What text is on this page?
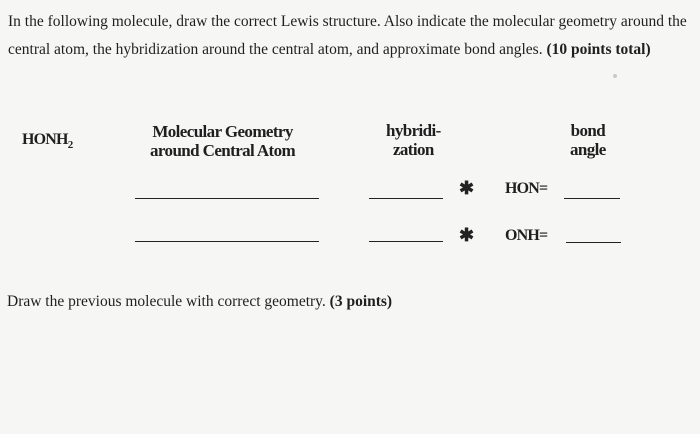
In the following molecule, draw the correct Lewis structure. Also indicate the molecular geometry around the central atom, the hybridization around the central atom, and approximate bond angles. (10 points total)
$HONH_2$
Molecular Geometry
around Central Atom
hybridi-
zation
bond
angle
✱ HON=
✱ ONH=
Draw the previous molecule with correct geometry. (3 points)
